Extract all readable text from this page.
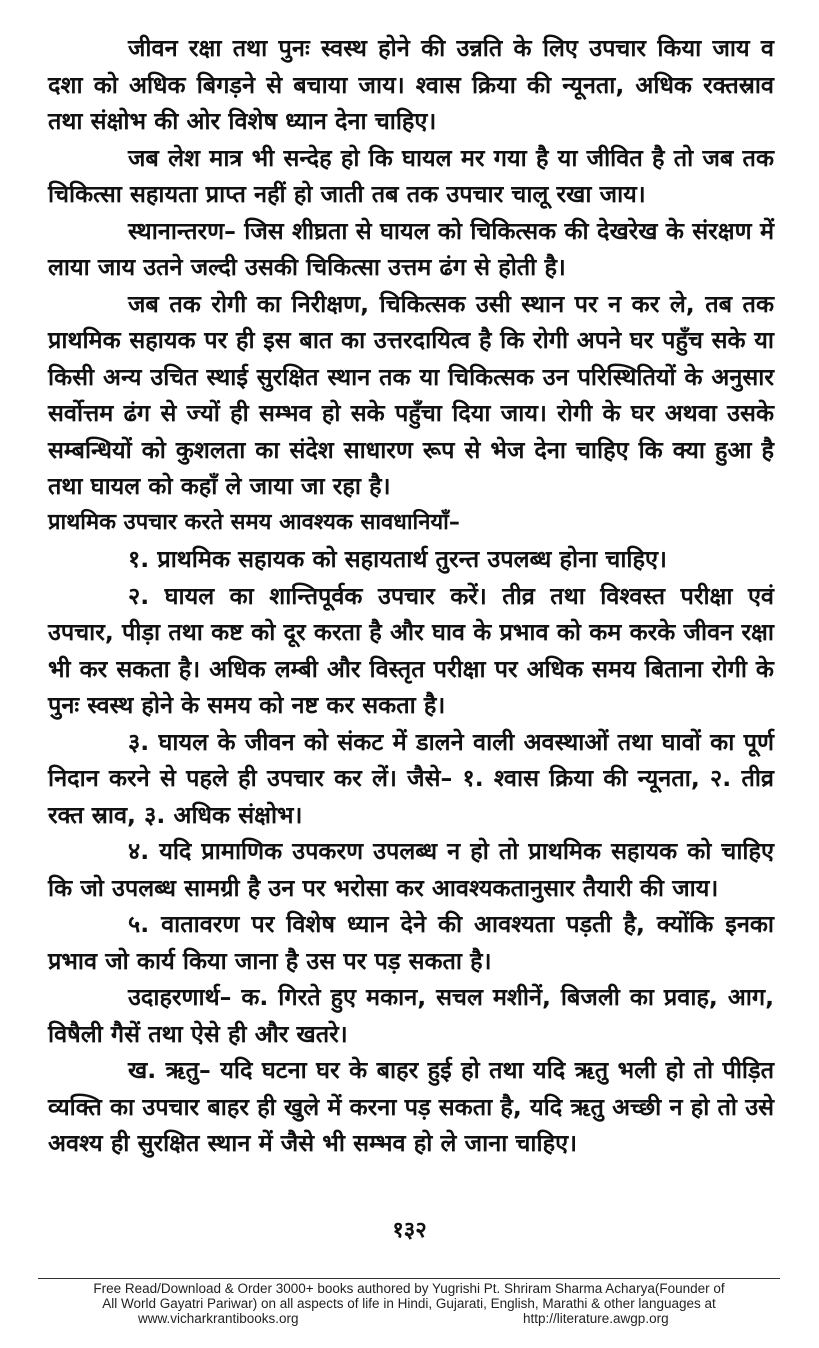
जीवन रक्षा तथा पुनः स्वस्थ होने की उन्नति के लिए उपचार किया जाय व दशा को अधिक बिगड़ने से बचाया जाय। श्वास क्रिया की न्यूनता, अधिक रक्तस्राव तथा संक्षोभ की ओर विशेष ध्यान देना चाहिए।

जब लेश मात्र भी सन्देह हो कि घायल मर गया है या जीवित है तो जब तक चिकित्सा सहायता प्राप्त नहीं हो जाती तब तक उपचार चालू रखा जाय।

स्थानान्तरण– जिस शीघ्रता से घायल को चिकित्सक की देखरेख के संरक्षण में लाया जाय उतने जल्दी उसकी चिकित्सा उत्तम ढंग से होती है।

जब तक रोगी का निरीक्षण, चिकित्सक उसी स्थान पर न कर ले, तब तक प्राथमिक सहायक पर ही इस बात का उत्तरदायित्व है कि रोगी अपने घर पहुँच सके या किसी अन्य उचित स्थाई सुरक्षित स्थान तक या चिकित्सक उन परिस्थितियों के अनुसार सर्वोत्तम ढंग से ज्यों ही सम्भव हो सके पहुँचा दिया जाय। रोगी के घर अथवा उसके सम्बन्धियों को कुशलता का संदेश साधारण रूप से भेज देना चाहिए कि क्या हुआ है तथा घायल को कहाँ ले जाया जा रहा है।

प्राथमिक उपचार करते समय आवश्यक सावधानियाँ–

१. प्राथमिक सहायक को सहायतार्थ तुरन्त उपलब्ध होना चाहिए।

२. घायल का शान्तिपूर्वक उपचार करें। तीव्र तथा विश्वस्त परीक्षा एवं उपचार, पीड़ा तथा कष्ट को दूर करता है और घाव के प्रभाव को कम करके जीवन रक्षा भी कर सकता है। अधिक लम्बी और विस्तृत परीक्षा पर अधिक समय बिताना रोगी के पुनः स्वस्थ होने के समय को नष्ट कर सकता है।

३. घायल के जीवन को संकट में डालने वाली अवस्थाओं तथा घावों का पूर्ण निदान करने से पहले ही उपचार कर लें। जैसे– १. श्वास क्रिया की न्यूनता, २. तीव्र रक्त स्राव, ३. अधिक संक्षोभ।

४. यदि प्रामाणिक उपकरण उपलब्ध न हो तो प्राथमिक सहायक को चाहिए कि जो उपलब्ध सामग्री है उन पर भरोसा कर आवश्यकतानुसार तैयारी की जाय।

५. वातावरण पर विशेष ध्यान देने की आवश्यता पड़ती है, क्योंकि इनका प्रभाव जो कार्य किया जाना है उस पर पड़ सकता है।

उदाहरणार्थ– क. गिरते हुए मकान, सचल मशीनें, बिजली का प्रवाह, आग, विषैली गैसें तथा ऐसे ही और खतरे।

ख. ऋतु– यदि घटना घर के बाहर हुई हो तथा यदि ऋतु भली हो तो पीड़ित व्यक्ति का उपचार बाहर ही खुले में करना पड़ सकता है, यदि ऋतु अच्छी न हो तो उसे अवश्य ही सुरक्षित स्थान में जैसे भी सम्भव हो ले जाना चाहिए।

१३२
Free Read/Download & Order 3000+ books authored by Yugrishi Pt. Shriram Sharma Acharya(Founder of
All World Gayatri Pariwar) on all aspects of life in Hindi, Gujarati, English, Marathi & other languages at
www.vicharkrantibooks.org	http://literature.awgp.org
